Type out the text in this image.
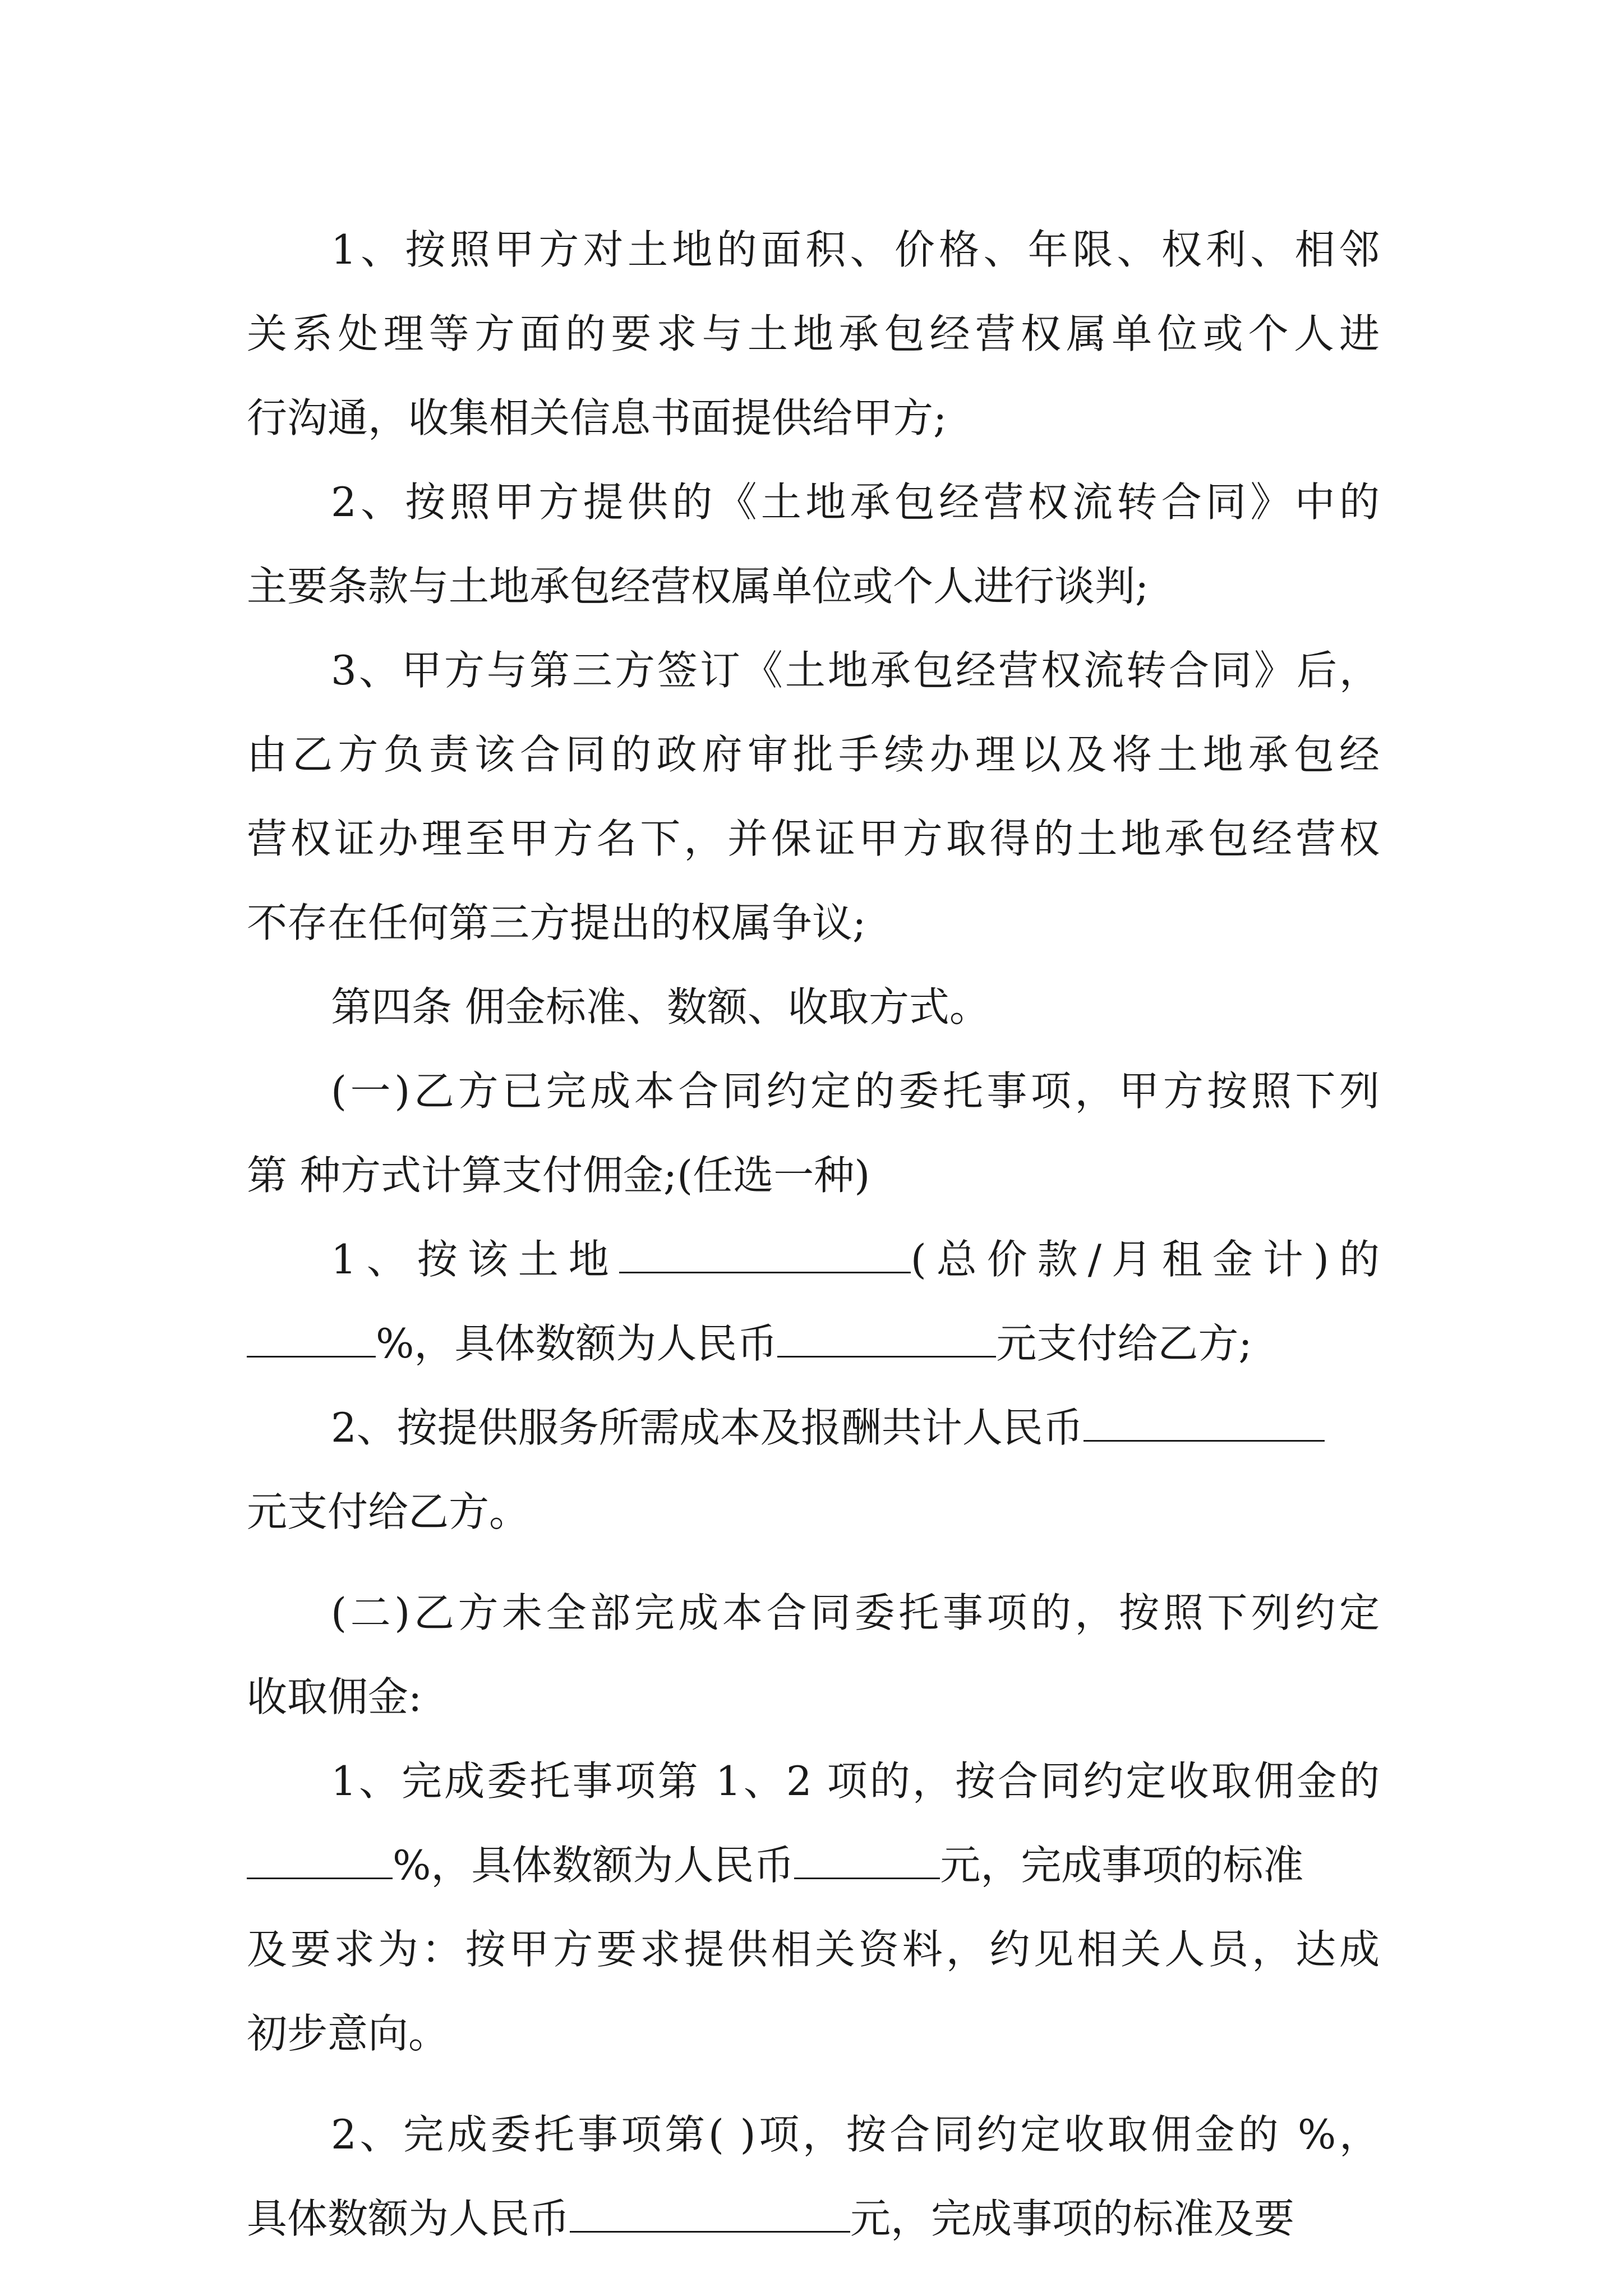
1、按照甲方对土地的面积、价格、年限、权利、相邻
关系处理等方面的要求与土地承包经营权属单位或个人进
行沟通，收集相关信息书面提供给甲方;
2、按照甲方提供的《土地承包经营权流转合同》中的
主要条款与土地承包经营权属单位或个人进行谈判;
3、甲方与第三方签订《土地承包经营权流转合同》后，
由乙方负责该合同的政府审批手续办理以及将土地承包经
营权证办理至甲方名下，并保证甲方取得的土地承包经营权
不存在任何第三方提出的权属争议;
第四条 佣金标准、数额、收取方式。
(一)乙方已完成本合同约定的委托事项，甲方按照下列
第 种方式计算支付佣金;(任选一种)
1、按该土地	(总价款/月租金计)的
%，具体数额为人民币	元支付给乙方;
2、按提供服务所需成本及报酬共计人民币
元支付给乙方。
(二)乙方未全部完成本合同委托事项的，按照下列约定
收取佣金:
1、完成委托事项第 1、2 项的，按合同约定收取佣金的
%，具体数额为人民币	元，完成事项的标准
及要求为：按甲方要求提供相关资料，约见相关人员，达成
初步意向。
2、完成委托事项第( )项，按合同约定收取佣金的 %，
具体数额为人民币	元，完成事项的标准及要
